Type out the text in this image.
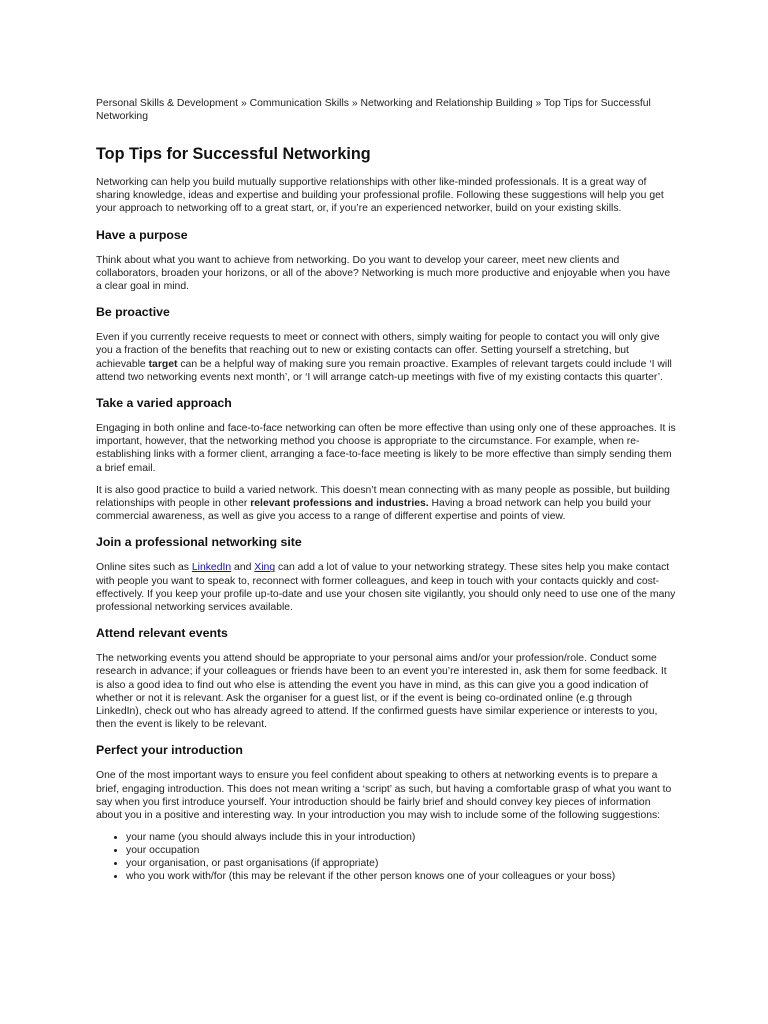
Personal Skills & Development » Communication Skills » Networking and Relationship Building » Top Tips for Successful Networking

Top Tips for Successful Networking

Networking can help you build mutually supportive relationships with other like-minded professionals. It is a great way of sharing knowledge, ideas and expertise and building your professional profile. Following these suggestions will help you get your approach to networking off to a great start, or, if you’re an experienced networker, build on your existing skills.

Have a purpose

Think about what you want to achieve from networking. Do you want to develop your career, meet new clients and collaborators, broaden your horizons, or all of the above? Networking is much more productive and enjoyable when you have a clear goal in mind.

Be proactive

Even if you currently receive requests to meet or connect with others, simply waiting for people to contact you will only give you a fraction of the benefits that reaching out to new or existing contacts can offer. Setting yourself a stretching, but achievable target can be a helpful way of making sure you remain proactive. Examples of relevant targets could include ‘I will attend two networking events next month’, or ‘I will arrange catch-up meetings with five of my existing contacts this quarter’.

Take a varied approach

Engaging in both online and face-to-face networking can often be more effective than using only one of these approaches. It is important, however, that the networking method you choose is appropriate to the circumstance. For example, when re-establishing links with a former client, arranging a face-to-face meeting is likely to be more effective than simply sending them a brief email.

It is also good practice to build a varied network. This doesn’t mean connecting with as many people as possible, but building relationships with people in other relevant professions and industries. Having a broad network can help you build your commercial awareness, as well as give you access to a range of different expertise and points of view.

Join a professional networking site

Online sites such as LinkedIn and Xing can add a lot of value to your networking strategy. These sites help you make contact with people you want to speak to, reconnect with former colleagues, and keep in touch with your contacts quickly and cost-effectively. If you keep your profile up-to-date and use your chosen site vigilantly, you should only need to use one of the many professional networking services available.

Attend relevant events

The networking events you attend should be appropriate to your personal aims and/or your profession/role. Conduct some research in advance; if your colleagues or friends have been to an event you’re interested in, ask them for some feedback. It is also a good idea to find out who else is attending the event you have in mind, as this can give you a good indication of whether or not it is relevant. Ask the organiser for a guest list, or if the event is being co-ordinated online (e.g through LinkedIn), check out who has already agreed to attend. If the confirmed guests have similar experience or interests to you, then the event is likely to be relevant.

Perfect your introduction

One of the most important ways to ensure you feel confident about speaking to others at networking events is to prepare a brief, engaging introduction. This does not mean writing a ‘script’ as such, but having a comfortable grasp of what you want to say when you first introduce yourself. Your introduction should be fairly brief and should convey key pieces of information about you in a positive and interesting way. In your introduction you may wish to include some of the following suggestions:

• your name (you should always include this in your introduction)
• your occupation
• your organisation, or past organisations (if appropriate)
• who you work with/for (this may be relevant if the other person knows one of your colleagues or your boss)
